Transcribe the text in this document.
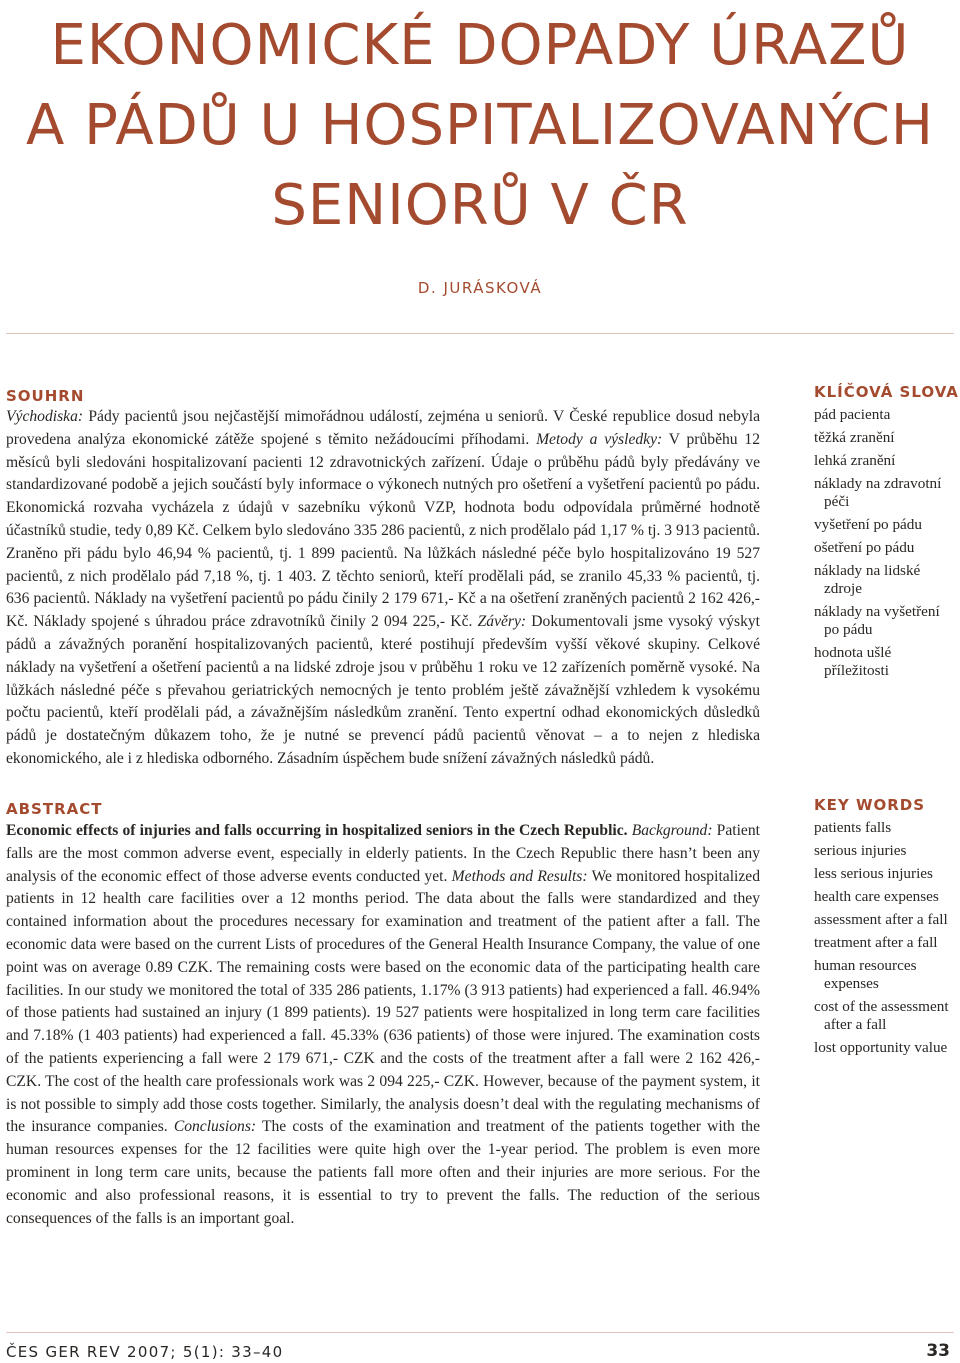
EKONOMICKÉ DOPADY ÚRAZŮ
A PÁDŮ U HOSPITALIZOVANÝCH
SENIORŮ V ČR
D. JURÁSKOVÁ
SOUHRN

Východiska: Pády pacientů jsou nejčastější mimořádnou událostí, zejména u seniorů. V České republice dosud nebyla provedena analýza ekonomické zátěže spojené s těmito nežádoucími příhodami. Metody a výsledky: V průběhu 12 měsíců byli sledováni hospitalizovaní pacienti 12 zdravotnických zařízení. Údaje o průběhu pádů byly předávány ve standardizované podobě a jejich součástí byly informace o výkonech nutných pro ošetření a vyšetření pacientů po pádu. Ekonomická rozvaha vycházela z údajů v sazebníku výkonů VZP, hodnota bodu odpovídala průměrné hodnotě účastníků studie, tedy 0,89 Kč. Celkem bylo sledováno 335 286 pacientů, z nich prodělalo pád 1,17 % tj. 3 913 pacientů. Zraněno při pádu bylo 46,94 % pacientů, tj. 1 899 pacientů. Na lůžkách následné péče bylo hospitalizováno 19 527 pacientů, z nich prodělalo pád 7,18 %, tj. 1 403. Z těchto seniorů, kteří prodělali pád, se zranilo 45,33 % pacientů, tj. 636 pacientů. Náklady na vyšetření pacientů po pádu činily 2 179 671,- Kč a na ošetření zraněných pacientů 2 162 426,- Kč. Náklady spojené s úhradou práce zdravotníků činily 2 094 225,- Kč. Závěry: Dokumentovali jsme vysoký výskyt pádů a závažných poranění hospitalizovaných pacientů, které postihují především vyšší věkové skupiny. Celkové náklady na vyšetření a ošetření pacientů a na lidské zdroje jsou v průběhu 1 roku ve 12 zařízeních poměrně vysoké. Na lůžkách následné péče s převahou geriatrických nemocných je tento problém ještě závažnější vzhledem k vysokému počtu pacientů, kteří prodělali pád, a závažnějším následkům zranění. Tento expertní odhad ekonomických důsledků pádů je dostatečným důkazem toho, že je nutné se prevencí pádů pacientů věnovat – a to nejen z hlediska ekonomického, ale i z hlediska odborného. Zásadním úspěchem bude snížení závažných následků pádů.

KLÍČOVÁ SLOVA
pád pacienta
těžká zranění
lehká zranění
náklady na zdravotní péči
vyšetření po pádu
ošetření po pádu
náklady na lidské zdroje
náklady na vyšetření po pádu
hodnota ušlé příležitosti
ABSTRACT

Economic effects of injuries and falls occurring in hospitalized seniors in the Czech Republic. Background: Patient falls are the most common adverse event, especially in elderly patients. In the Czech Republic there hasn’t been any analysis of the economic effect of those adverse events conducted yet. Methods and Results: We monitored hospitalized patients in 12 health care facilities over a 12 months period. The data about the falls were standardized and they contained information about the procedures necessary for examination and treatment of the patient after a fall. The economic data were based on the current Lists of procedures of the General Health Insurance Company, the value of one point was on average 0.89 CZK. The remaining costs were based on the economic data of the participating health care facilities. In our study we monitored the total of 335 286 patients, 1.17% (3 913 patients) had experienced a fall. 46.94% of those patients had sustained an injury (1 899 patients). 19 527 patients were hospitalized in long term care facilities and 7.18% (1 403 patients) had experienced a fall. 45.33% (636 patients) of those were injured. The examination costs of the patients experiencing a fall were 2 179 671,- CZK and the costs of the treatment after a fall were 2 162 426,- CZK. The cost of the health care professionals work was 2 094 225,- CZK. However, because of the payment system, it is not possible to simply add those costs together. Similarly, the analysis doesn’t deal with the regulating mechanisms of the insurance companies. Conclusions: The costs of the examination and treatment of the patients together with the human resources expenses for the 12 facilities were quite high over the 1-year period. The problem is even more prominent in long term care units, because the patients fall more often and their injuries are more serious. For the economic and also professional reasons, it is essential to try to prevent the falls. The reduction of the serious consequences of the falls is an important goal.

KEY WORDS
patients falls
serious injuries
less serious injuries
health care expenses
assessment after a fall
treatment after a fall
human resources expenses
cost of the assessment after a fall
lost opportunity value
ČES GER REV 2007; 5(1): 33–40	33
